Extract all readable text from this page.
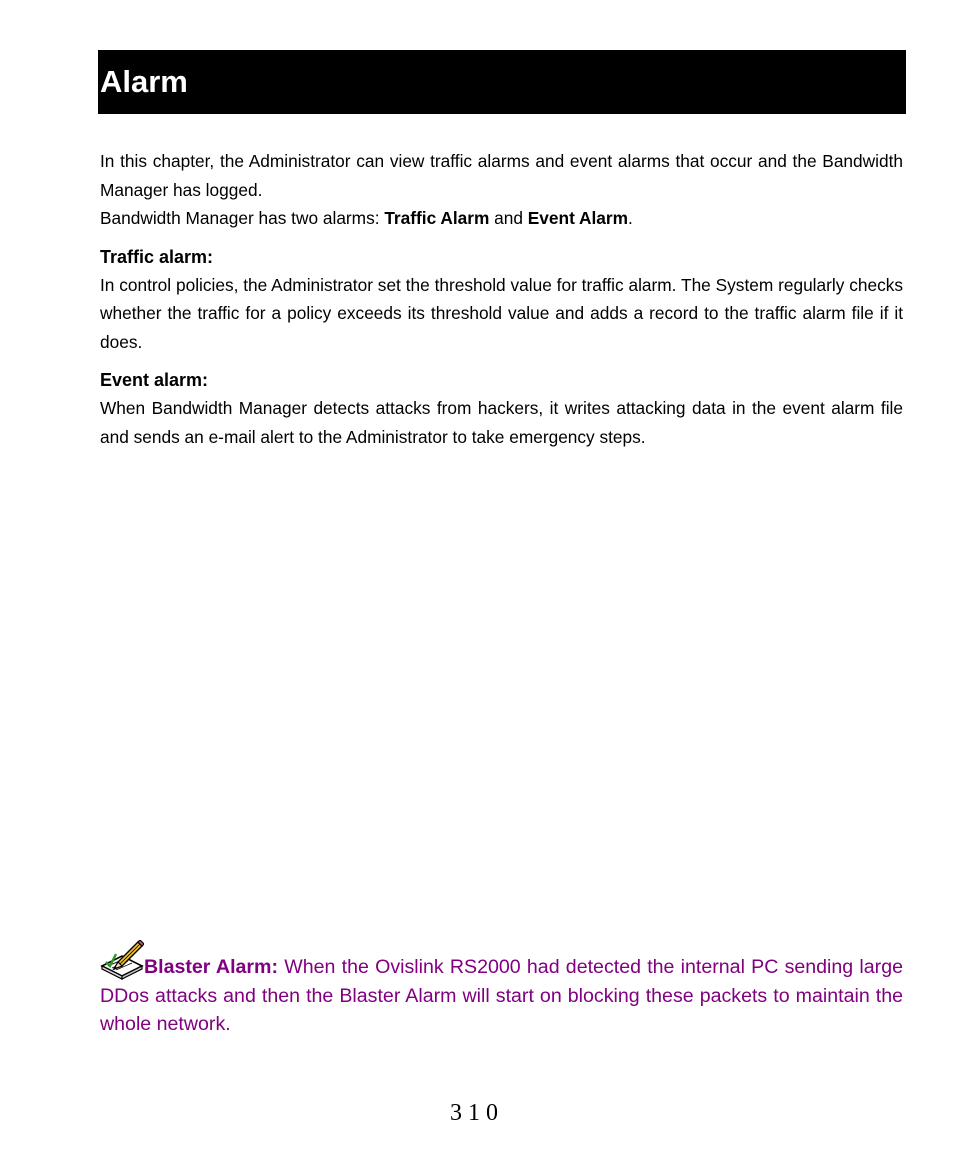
Alarm

In this chapter, the Administrator can view traffic alarms and event alarms that occur and the Bandwidth Manager has logged.

Bandwidth Manager has two alarms: Traffic Alarm and Event Alarm.

Traffic alarm:

In control policies, the Administrator set the threshold value for traffic alarm. The System regularly checks whether the traffic for a policy exceeds its threshold value and adds a record to the traffic alarm file if it does.

Event alarm:

When Bandwidth Manager detects attacks from hackers, it writes attacking data in the event alarm file and sends an e-mail alert to the Administrator to take emergency steps.

Blaster Alarm: When the Ovislink RS2000 had detected the internal PC sending large DDos attacks and then the Blaster Alarm will start on blocking these packets to maintain the whole network.
310
